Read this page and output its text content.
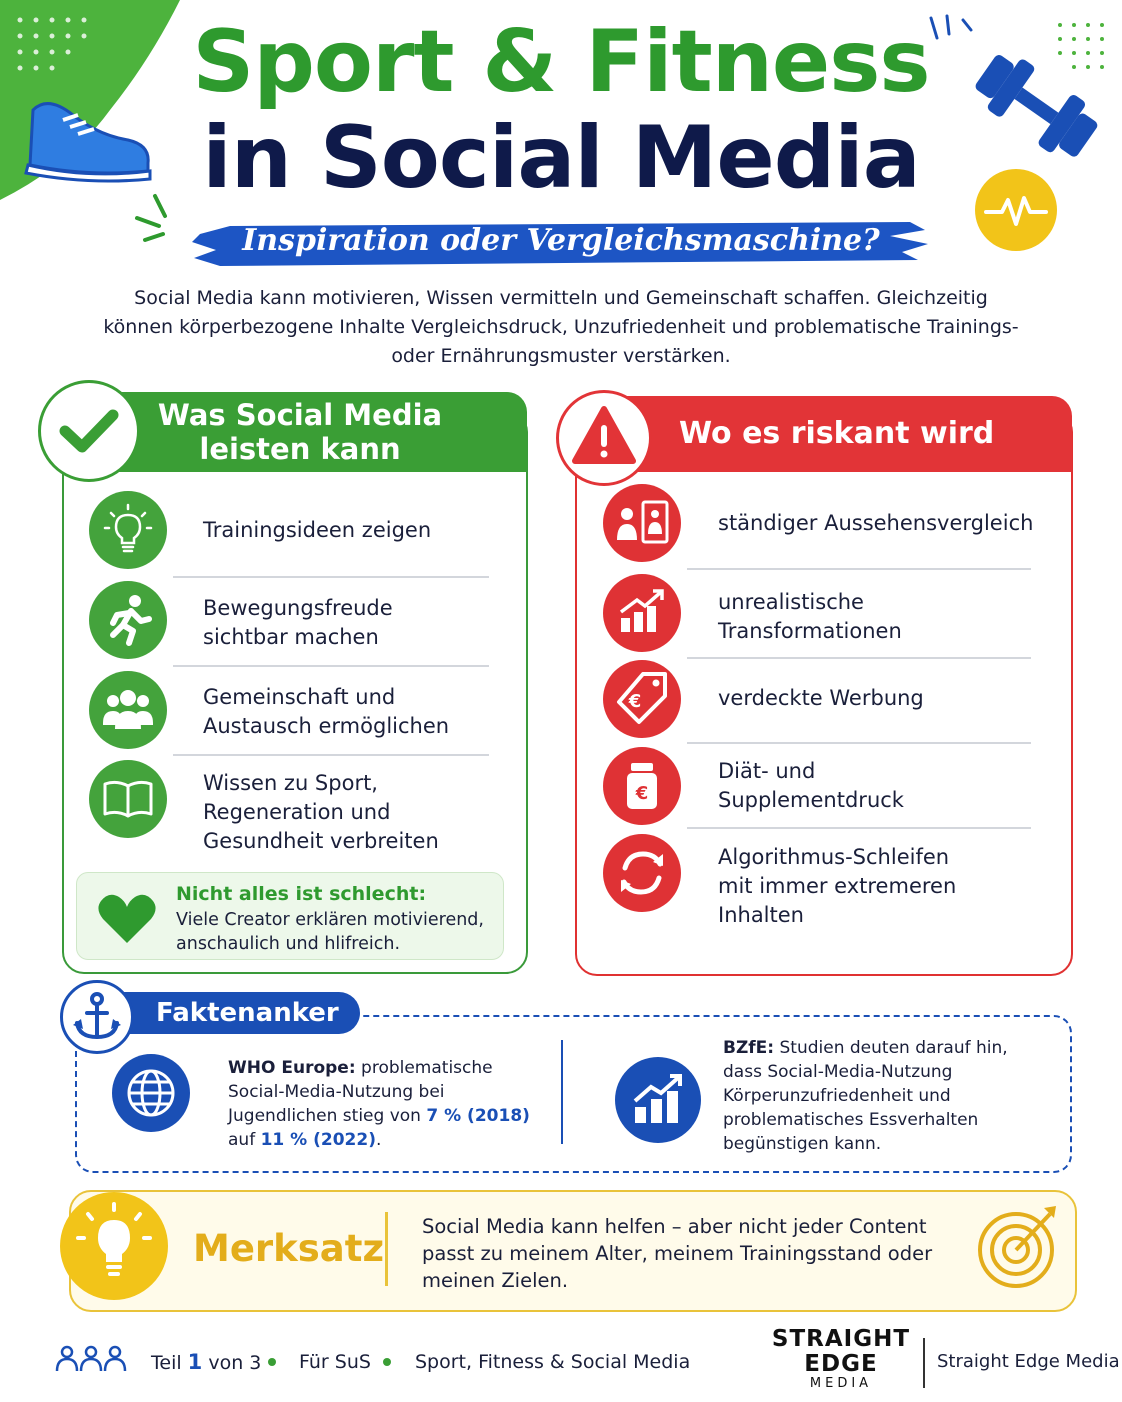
Sport & Fitness
in Social Media
Inspiration oder Vergleichsmaschine?
Social Media kann motivieren, Wissen vermitteln und Gemeinschaft schaffen. Gleichzeitig können körperbezogene Inhalte Vergleichsdruck, Unzufriedenheit und problematische Trainings- oder Ernährungsmuster verstärken.
Was Social Media
leisten kann
Trainingsideen zeigen
Bewegungsfreude
sichtbar machen
Gemeinschaft und
Austausch ermöglichen
Wissen zu Sport,
Regeneration und
Gesundheit verbreiten
Nicht alles ist schlecht:
Viele Creator erklären motivierend,
anschaulich und hlifreich.
Wo es riskant wird
ständiger Aussehensvergleich
unrealistische
Transformationen
€	verdeckte Werbung
€
Diät- und
Supplementdruck
Algorithmus-Schleifen
mit immer extremeren
Inhalten
Faktenanker
WHO Europe: problematische
Social-Media-Nutzung bei
Jugendlichen stieg von 7 % (2018)
auf 11 % (2022).
BZfE: Studien deuten darauf hin,
dass Social-Media-Nutzung
Körperunzufriedenheit und
problematisches Essverhalten
begünstigen kann.
Merksatz
Social Media kann helfen – aber nicht jeder Content
passt zu meinem Alter, meinem Trainingsstand oder
meinen Zielen.
Teil 1 von 3 Für SuS Sport, Fitness & Social Media
STRAIGHT
EDGE
MEDIA
Straight Edge Media
